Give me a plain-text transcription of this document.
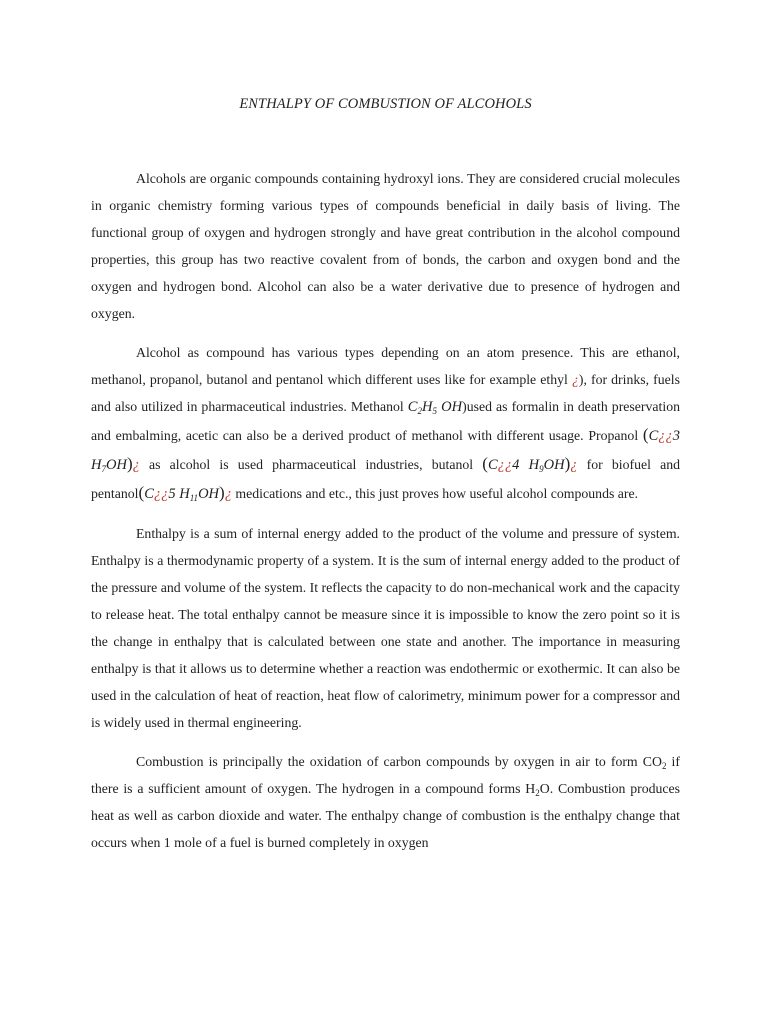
ENTHALPY OF COMBUSTION OF ALCOHOLS

Alcohols are organic compounds containing hydroxyl ions. They are considered crucial molecules in organic chemistry forming various types of compounds beneficial in daily basis of living. The functional group of oxygen and hydrogen strongly and have great contribution in the alcohol compound properties, this group has two reactive covalent from of bonds, the carbon and oxygen bond and the oxygen and hydrogen bond. Alcohol can also be a water derivative due to presence of hydrogen and oxygen.

Alcohol as compound has various types depending on an atom presence. This are ethanol, methanol, propanol, butanol and pentanol which different uses like for example ethyl ¿), for drinks, fuels and also utilized in pharmaceutical industries. Methanol $C_2H_5$ OH)used as formalin in death preservation and embalming, acetic can also be a derived product of methanol with different usage. Propanol (C¿¿3 $H_7OH)¿$ as alcohol is used pharmaceutical industries, butanol (C¿¿4 $H_9OH)¿$ for biofuel and pentanol(C¿¿5 $H_{11}OH)¿$ medications and etc., this just proves how useful alcohol compounds are.

Enthalpy is a sum of internal energy added to the product of the volume and pressure of system. Enthalpy is a thermodynamic property of a system. It is the sum of internal energy added to the product of the pressure and volume of the system. It reflects the capacity to do non-mechanical work and the capacity to release heat. The total enthalpy cannot be measure since it is impossible to know the zero point so it is the change in enthalpy that is calculated between one state and another. The importance in measuring enthalpy is that it allows us to determine whether a reaction was endothermic or exothermic. It can also be used in the calculation of heat of reaction, heat flow of calorimetry, minimum power for a compressor and is widely used in thermal engineering.

Combustion is principally the oxidation of carbon compounds by oxygen in air to form $CO_2$ if there is a sufficient amount of oxygen. The hydrogen in a compound forms $H_2O$. Combustion produces heat as well as carbon dioxide and water. The enthalpy change of combustion is the enthalpy change that occurs when 1 mole of a fuel is burned completely in oxygen
